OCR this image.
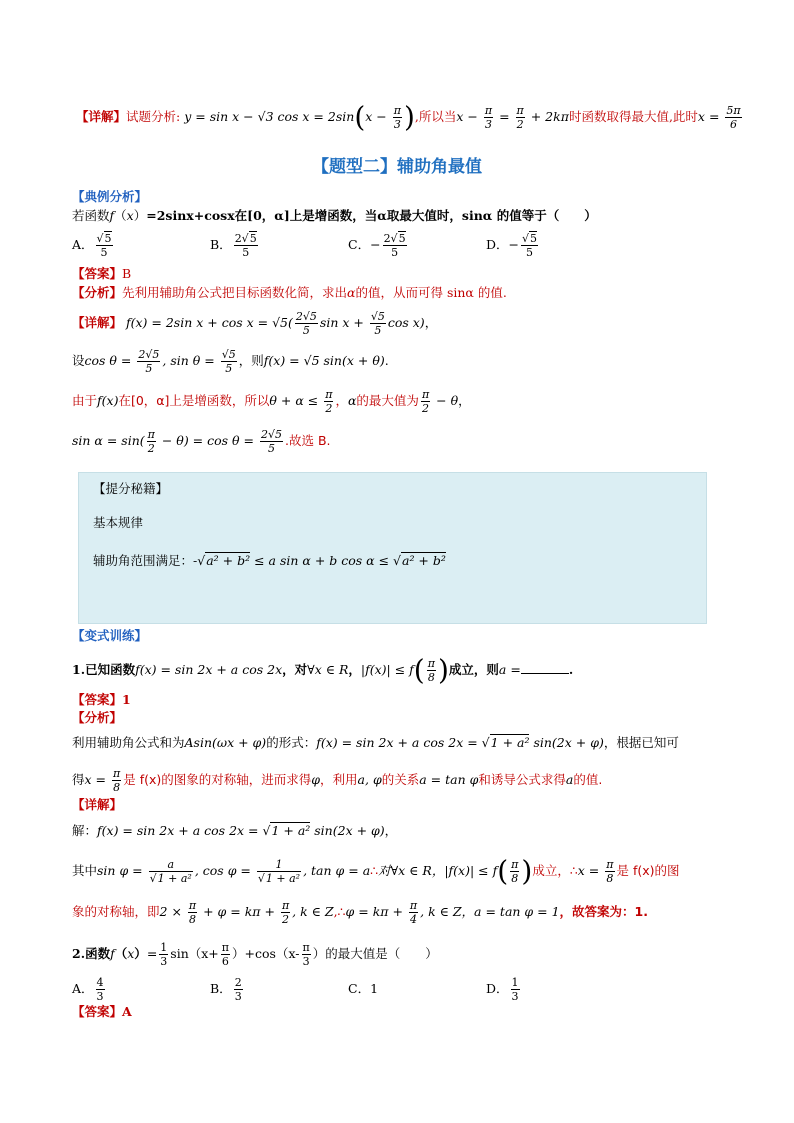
【详解】试题分析: y = sin x − √3 $\cos x = 2\sin(x - \frac{\pi}{3}$ ),所以当$x - \frac{\pi}{3} = \frac{\pi}{2} + 2k\pi$时函数取得最大值,此时$x = \frac{5\pi}{6}$
【题型二】辅助角最值
【典例分析】
若函数f（x）=2sinx+cosx在[0，α]上是增函数，当α取最大值时，sinα 的值等于（　　）
A． $\frac{√5}{5}$	B． $\frac{2√5}{5}$	C．− $\frac{2√5}{5}$	D．− $\frac{√5}{5}$
【答案】B
【分析】先利用辅助角公式把目标函数化简，求出α的值，从而可得 sinα 的值.
【详解】 f(x) = 2sin $x + \cos x = √5( \frac{2√5}{5}$ $\sin x + \frac{√5}{5}$ cos x)，
设$\cos \theta = \frac{2√5}{5}$ , $\sin \theta = \frac{√5}{5}$ ，则f(x) = √5 sin(x + θ).
由于f(x)在[0，α]上是增函数，所以$\theta + \alpha \le \frac{\pi}{2}$ ，α的最大值为 $\frac{\pi}{2} - \theta$，
$\sin \alpha = \sin( \frac{\pi}{2} - \theta) = \cos \theta = \frac{2√5}{5}$ .故选 B.
【提分秘籍】
基本规律
辅助角范围满足：-√a² + b² ≤ a sin α + b cos α ≤ √a² + b²
【变式训练】
1.已知函数f(x) = sin 2x + a cos 2x，对∀x ∈ R，$|f(x)| \le f( \frac{\pi}{8}$ )成立，则a =	.
【答案】1
【分析】
利用辅助角公式和为Asin(ωx + φ)的形式：f(x) = sin 2x + a cos 2x = √1 + a² sin(2x + φ)，根据已知可
得$x = \frac{\pi}{8}$ 是 f(x)的图象的对称轴，进而求得φ，利用a, φ的关系a = tan φ和诱导公式求得a的值.
【详解】
解：f(x) = sin 2x + a cos 2x = √1 + a² sin(2x + φ)，
其中$\sin \varphi = \frac{a}{\text{√1 + a²}}$ , $\cos \varphi = \frac{1}{\text{√1 + a²}}$ , tan φ = a∴对∀x ∈ R，$|f(x)| \le f( \frac{\pi}{8}$ )成立，∴x = $\frac{\pi}{8}$ 是 f(x)的图
象的对称轴，即$2 \times \frac{\pi}{8} + \varphi = k\pi + \frac{\pi}{2}$ , k ∈ Z,∴φ = $k\pi + \frac{\pi}{4}$ , k ∈ Z，a = tan φ = 1，故答案为：1.
2.函数$f(x)= \frac{1}{3} \sin(x+ \frac{\pi}{6} )+\cos(x- \frac{\pi}{3}$ ）的最大值是（　　）
A． $\frac{4}{3}$	B． $\frac{2}{3}$	C．1	D． $\frac{1}{3}$
【答案】A
